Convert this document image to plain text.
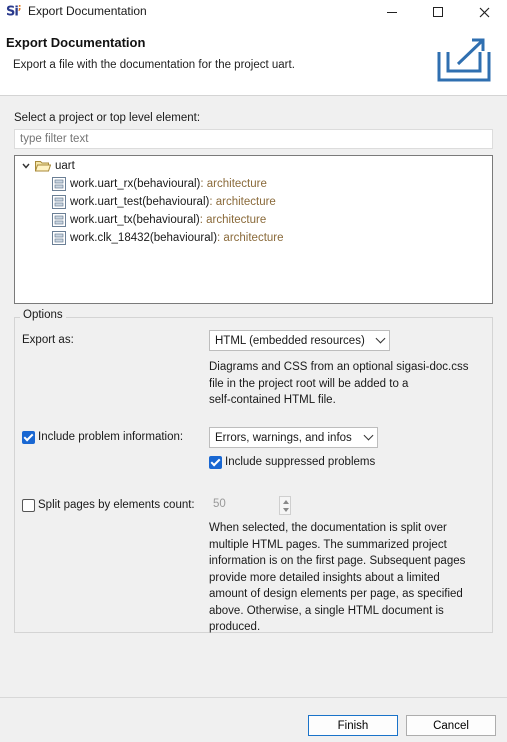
Si; Export Documentation
Export Documentation
Export a file with the documentation for the project uart.
Select a project or top level element:
type filter text
uart
work.uart_rx(behavioural) : architecture
work.uart_test(behavioural) : architecture
work.uart_tx(behavioural) : architecture
work.clk_18432(behavioural) : architecture
Options
Export as:	HTML (embedded resources)
Diagrams and CSS from an optional sigasi-doc.css
file in the project root will be added to a
self-contained HTML file.
Include problem information:	Errors, warnings, and infos
Include suppressed problems
Split pages by elements count:	50
When selected, the documentation is split over
multiple HTML pages. The summarized project
information is on the first page. Subsequent pages
provide more detailed insights about a limited
amount of design elements per page, as specified
above. Otherwise, a single HTML document is
produced.
Finish	Cancel
